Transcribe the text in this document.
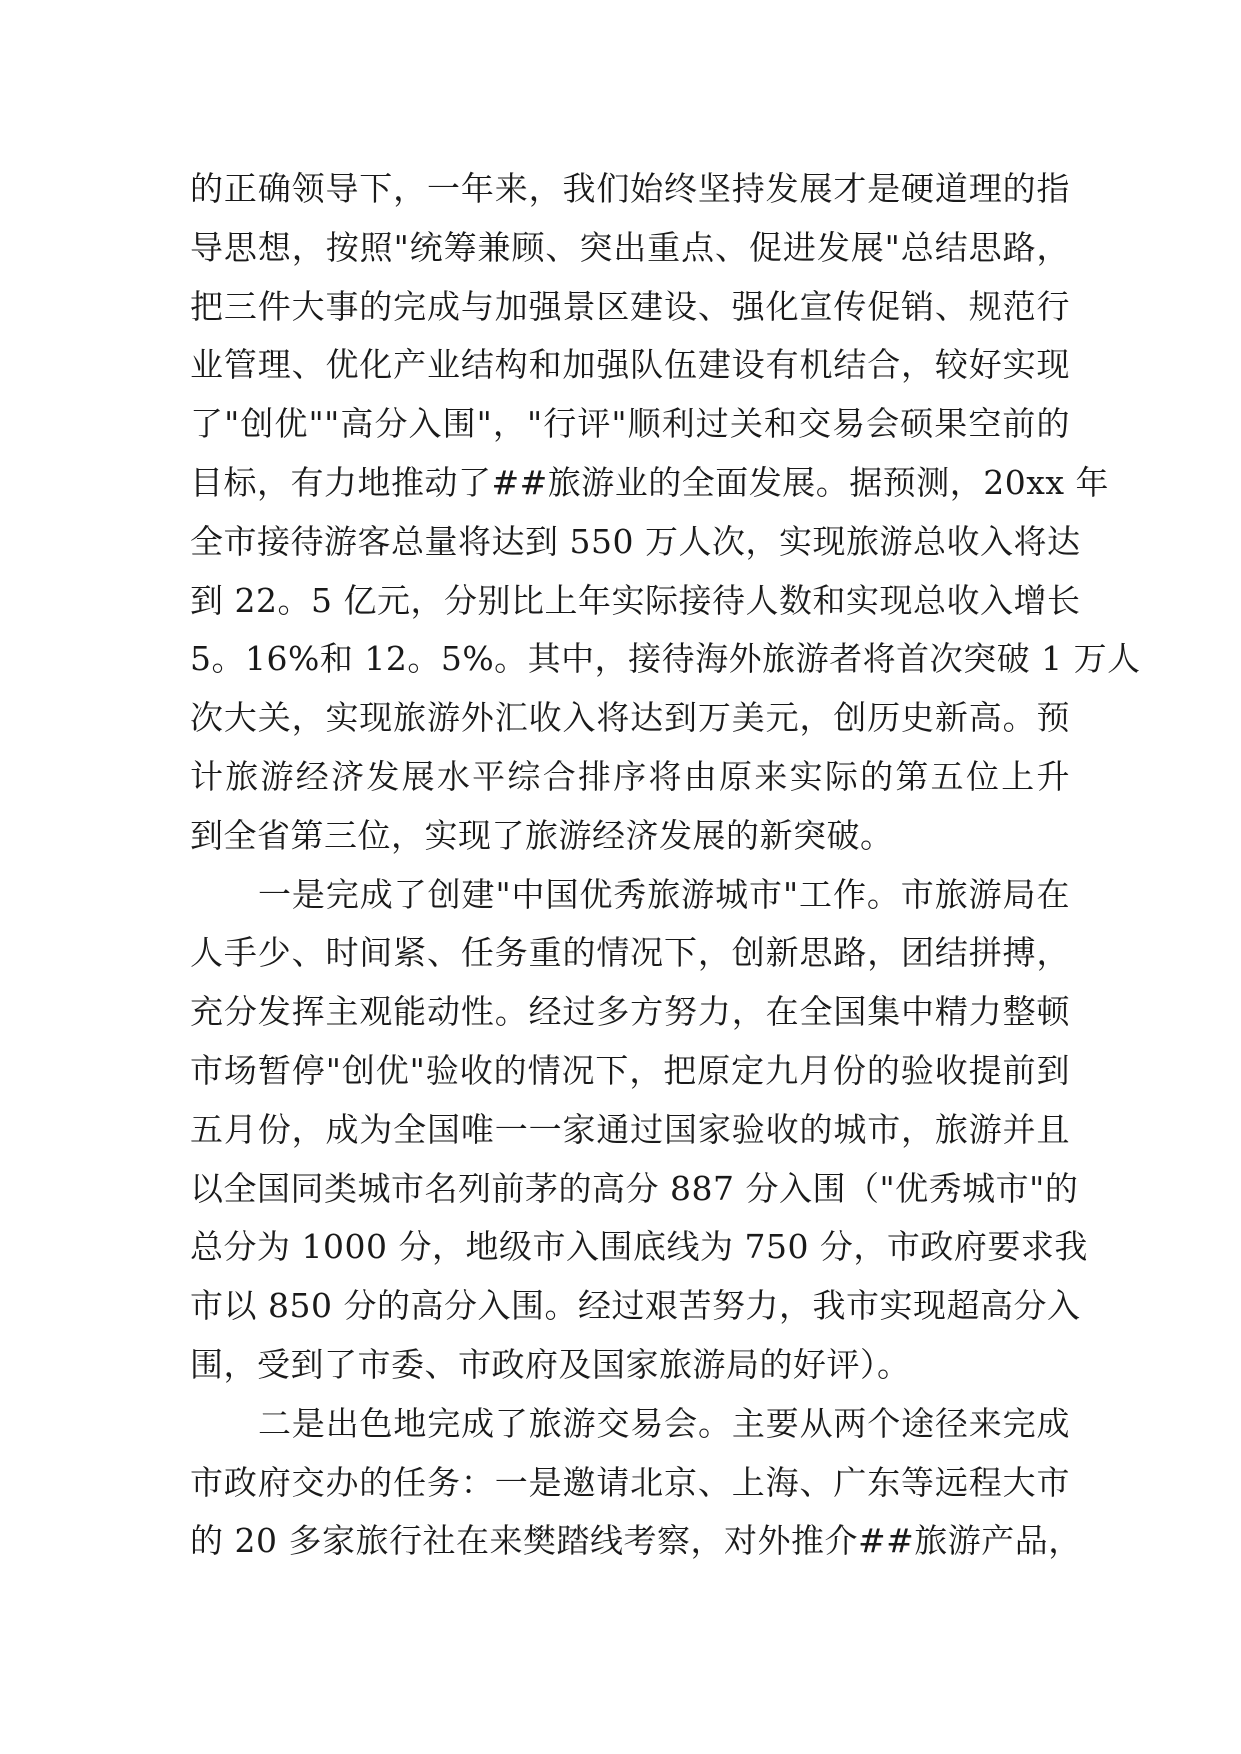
的正确领导下，一年来，我们始终坚持发展才是硬道理的指
导思想，按照"统筹兼顾、突出重点、促进发展"总结思路，
把三件大事的完成与加强景区建设、强化宣传促销、规范行
业管理、优化产业结构和加强队伍建设有机结合，较好实现
了"创优""高分入围"，"行评"顺利过关和交易会硕果空前的
目标，有力地推动了##旅游业的全面发展。据预测，20xx 年
全市接待游客总量将达到 550 万人次，实现旅游总收入将达
到 22。5 亿元，分别比上年实际接待人数和实现总收入增长
5。16%和 12。5%。其中，接待海外旅游者将首次突破 1 万人
次大关，实现旅游外汇收入将达到万美元，创历史新高。预
计旅游经济发展水平综合排序将由原来实际的第五位上升
到全省第三位，实现了旅游经济发展的新突破。
一是完成了创建"中国优秀旅游城市"工作。市旅游局在
人手少、时间紧、任务重的情况下，创新思路，团结拼搏，
充分发挥主观能动性。经过多方努力，在全国集中精力整顿
市场暂停"创优"验收的情况下，把原定九月份的验收提前到
五月份，成为全国唯一一家通过国家验收的城市，旅游并且
以全国同类城市名列前茅的高分 887 分入围（"优秀城市"的
总分为 1000 分，地级市入围底线为 750 分，市政府要求我
市以 850 分的高分入围。经过艰苦努力，我市实现超高分入
围，受到了市委、市政府及国家旅游局的好评）。
二是出色地完成了旅游交易会。主要从两个途径来完成
市政府交办的任务：一是邀请北京、上海、广东等远程大市
的 20 多家旅行社在来樊踏线考察，对外推介##旅游产品，
